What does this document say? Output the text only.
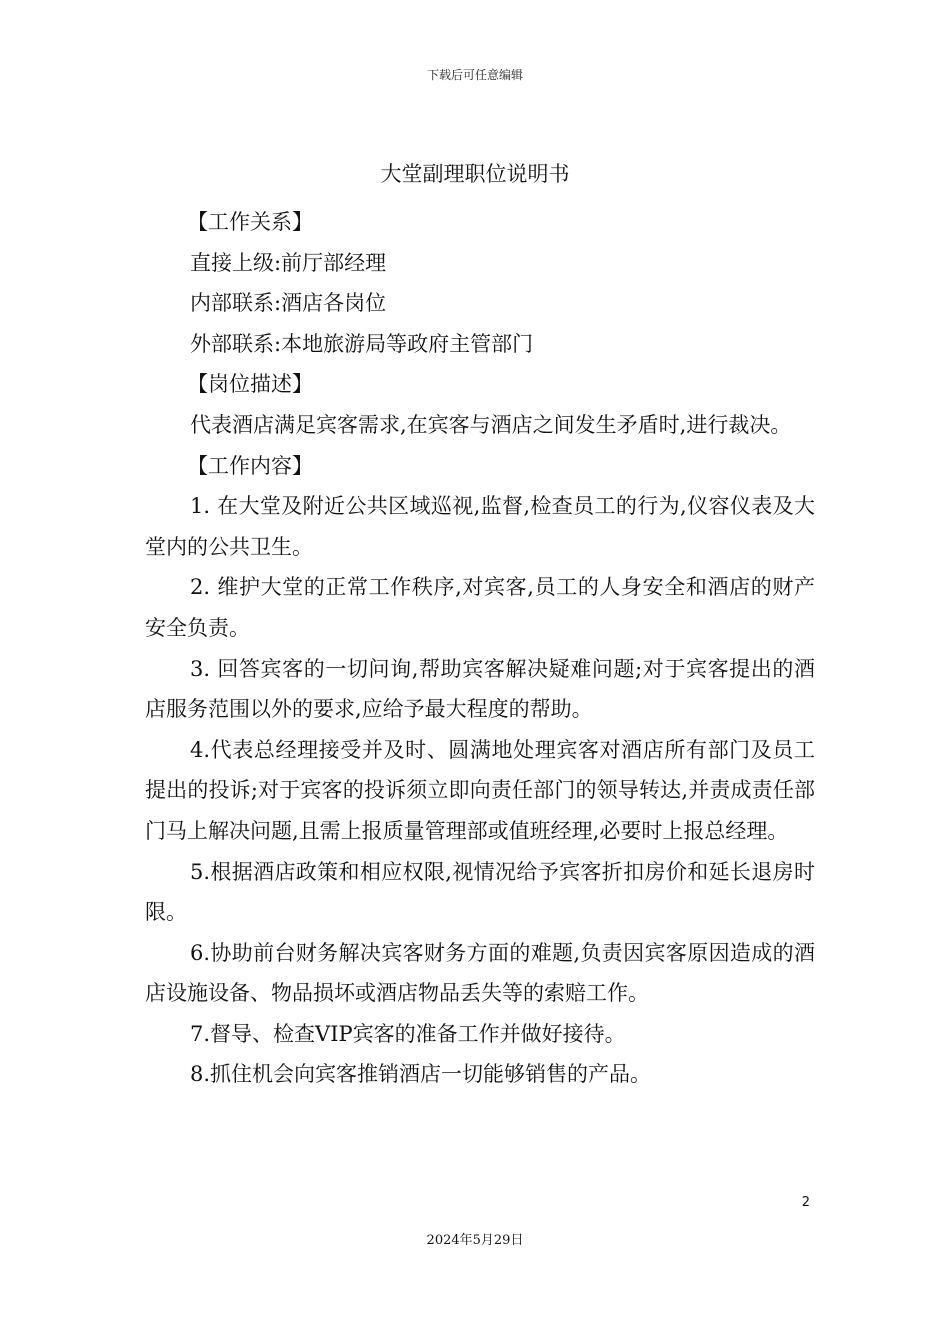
下载后可任意编辑
大堂副理职位说明书

【工作关系】

直接上级:前厅部经理

内部联系:酒店各岗位

外部联系:本地旅游局等政府主管部门

【岗位描述】

代表酒店满足宾客需求,在宾客与酒店之间发生矛盾时,进行裁决。

【工作内容】

1. 在大堂及附近公共区域巡视,监督,检查员工的行为,仪容仪表及大堂内的公共卫生。

2. 维护大堂的正常工作秩序,对宾客,员工的人身安全和酒店的财产安全负责。

3. 回答宾客的一切问询,帮助宾客解决疑难问题;对于宾客提出的酒店服务范围以外的要求,应给予最大程度的帮助。

4.代表总经理接受并及时、圆满地处理宾客对酒店所有部门及员工提出的投诉;对于宾客的投诉须立即向责任部门的领导转达,并责成责任部门马上解决问题,且需上报质量管理部或值班经理,必要时上报总经理。

5.根据酒店政策和相应权限,视情况给予宾客折扣房价和延长退房时限。

6.协助前台财务解决宾客财务方面的难题,负责因宾客原因造成的酒店设施设备、物品损坏或酒店物品丢失等的索赔工作。

7.督导、检查VIP宾客的准备工作并做好接待。

8.抓住机会向宾客推销酒店一切能够销售的产品。

2
2024年5月29日
